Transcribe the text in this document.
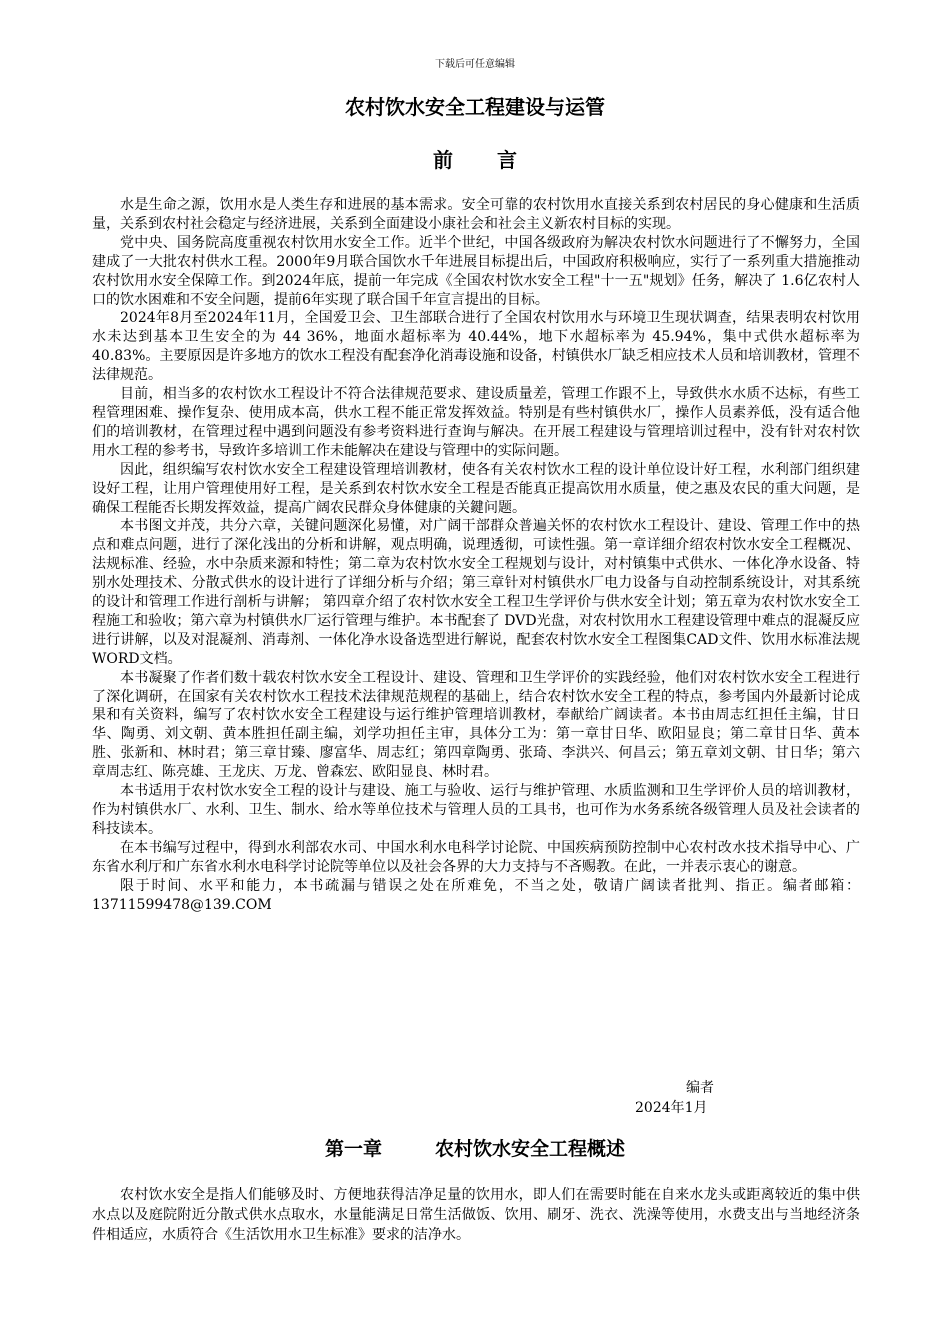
下载后可任意编辑
农村饮水安全工程建设与运管
前言

水是生命之源，饮用水是人类生存和进展的基本需求。安全可靠的农村饮用水直接关系到农村居民的身心健康和生活质量，关系到农村社会稳定与经济进展，关系到全面建设小康社会和社会主义新农村目标的实现。

党中央、国务院高度重视农村饮用水安全工作。近半个世纪，中国各级政府为解决农村饮水问题进行了不懈努力，全国建成了一大批农村供水工程。2000年9月联合国饮水千年进展目标提出后，中国政府积极响应，实行了一系列重大措施推动农村饮用水安全保障工作。到2024年底，提前一年完成《全国农村饮水安全工程"十一五"规划》任务，解决了 1.6亿农村人口的饮水困难和不安全问题，提前6年实现了联合国千年宣言提出的目标。

2024年8月至2024年11月，全国爱卫会、卫生部联合进行了全国农村饮用水与环境卫生现状调查，结果表明农村饮用水未达到基本卫生安全的为 44 36%，地面水超标率为 40.44%，地下水超标率为 45.94%，集中式供水超标率为 40.83%。主要原因是许多地方的饮水工程没有配套净化消毒设施和设备，村镇供水厂缺乏相应技术人员和培训教材，管理不法律规范。

目前，相当多的农村饮水工程设计不符合法律规范要求、建设质量差，管理工作跟不上，导致供水水质不达标，有些工程管理困难、操作复杂、使用成本高，供水工程不能正常发挥效益。特别是有些村镇供水厂，操作人员素养低，没有适合他们的培训教材，在管理过程中遇到问题没有参考资料进行查询与解决。在开展工程建设与管理培训过程中，没有针对农村饮用水工程的参考书，导致许多培训工作未能解决在建设与管理中的实际问题。

因此，组织编写农村饮水安全工程建设管理培训教材，使各有关农村饮水工程的设计单位设计好工程，水利部门组织建设好工程，让用户管理使用好工程，是关系到农村饮水安全工程是否能真正提高饮用水质量，使之惠及农民的重大问题，是确保工程能否长期发挥效益，提高广阔农民群众身体健康的关鍵问题。

本书图文并茂，共分六章，关键问题深化易懂，对广阔干部群众普遍关怀的农村饮水工程设计、建设、管理工作中的热点和难点问题，进行了深化浅出的分析和讲解，观点明确，说理透彻，可读性强。第一章详细介绍农村饮水安全工程概况、法规标准、经验，水中杂质来源和特性；第二章为农村饮水安全工程规划与设计，对村镇集中式供水、一体化净水设备、特别水处理技术、分散式供水的设计进行了详细分析与介绍；第三章针对村镇供水厂电力设备与自动控制系统设计，对其系统的设计和管理工作进行剖析与讲解； 第四章介绍了农村饮水安全工程卫生学评价与供水安全计划；第五章为农村饮水安全工程施工和验收；第六章为村镇供水厂运行管理与维护。本书配套了 DVD光盘，对农村饮用水工程建设管理中难点的混凝反应进行讲解，以及对混凝剂、消毒剂、一体化净水设备选型进行解说，配套农村饮水安全工程图集CAD文件、饮用水标准法规WORD文档。

本书凝聚了作者们数十载农村饮水安全工程设计、建设、管理和卫生学评价的实践经验，他们对农村饮水安全工程进行了深化调研，在国家有关农村饮水工程技术法律规范规程的基础上，结合农村饮水安全工程的特点，参考国内外最新讨论成果和有关资料，编写了农村饮水安全工程建设与运行维护管理培训教材，奉献给广阔读者。本书由周志红担任主编，甘日华、陶勇、刘文朝、黄本胜担任副主编，刘学功担任主审，具体分工为：第一章甘日华、欧阳显良；第二章甘日华、黄本胜、张新和、林时君；第三章甘臻、廖富华、周志红；第四章陶勇、张琦、李洪兴、何昌云；第五章刘文朝、甘日华；第六章周志红、陈亮雄、王龙庆、万龙、曾森宏、欧阳显良、林时君。

本书适用于农村饮水安全工程的设计与建设、施工与验收、运行与维护管理、水质监测和卫生学评价人员的培训教材，作为村镇供水厂、水利、卫生、制水、给水等单位技术与管理人员的工具书，也可作为水务系统各级管理人员及社会读者的科技读本。

在本书编写过程中，得到水利部农水司、中国水利水电科学讨论院、中国疾病预防控制中心农村改水技术指导中心、广东省水利厅和广东省水利水电科学讨论院等单位以及社会各界的大力支持与不吝赐教。在此，一并表示衷心的谢意。

限于时间、水平和能力，本书疏漏与错误之处在所难免，不当之处，敬请广阔读者批判、指正。编者邮箱：13711599478@139.COM

编者
2024年1月
第一章        农村饮水安全工程概述

农村饮水安全是指人们能够及时、方便地获得洁净足量的饮用水，即人们在需要时能在自来水龙头或距离较近的集中供水点以及庭院附近分散式供水点取水，水量能满足日常生活做饭、饮用、刷牙、洗衣、洗澡等使用，水费支出与当地经济条件相适应，水质符合《生活饮用水卫生标准》要求的洁净水。
